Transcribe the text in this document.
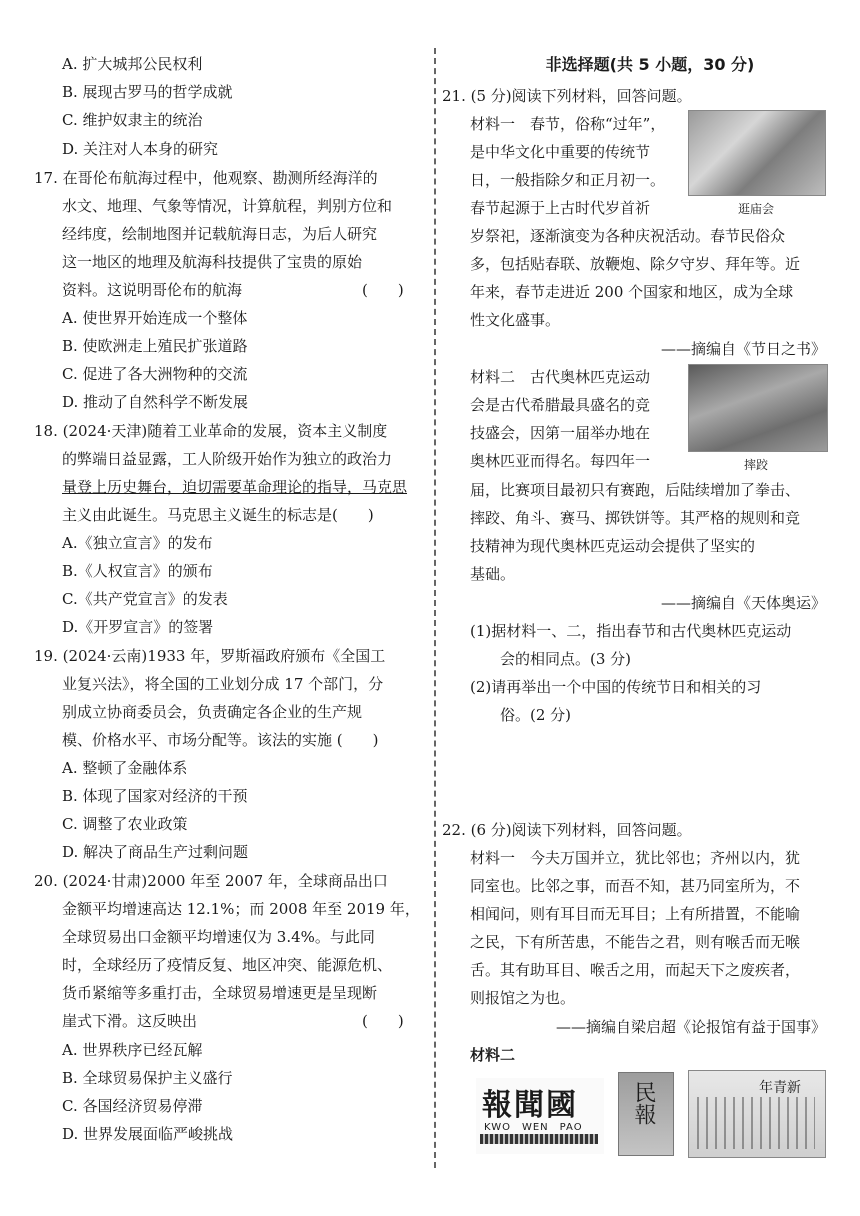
A. 扩大城邦公民权利
B. 展现古罗马的哲学成就
C. 维护奴隶主的统治
D. 关注对人本身的研究
17. 在哥伦布航海过程中，他观察、勘测所经海洋的
水文、地理、气象等情况，计算航程，判别方位和
经纬度，绘制地图并记载航海日志，为后人研究
这一地区的地理及航海科技提供了宝贵的原始
资料。这说明哥伦布的航海	(　　)
A. 使世界开始连成一个整体
B. 使欧洲走上殖民扩张道路
C. 促进了各大洲物种的交流
D. 推动了自然科学不断发展
18. (2024·天津)随着工业革命的发展，资本主义制度
的弊端日益显露，工人阶级开始作为独立的政治力
量登上历史舞台，迫切需要革命理论的指导，马克思
主义由此诞生。马克思主义诞生的标志是(　　)
A.《独立宣言》的发布
B.《人权宣言》的颁布
C.《共产党宣言》的发表
D.《开罗宣言》的签署
19. (2024·云南)1933 年，罗斯福政府颁布《全国工
业复兴法》，将全国的工业划分成 17 个部门，分
别成立协商委员会，负责确定各企业的生产规
模、价格水平、市场分配等。该法的实施 (　　)
A. 整顿了金融体系
B. 体现了国家对经济的干预
C. 调整了农业政策
D. 解决了商品生产过剩问题
20. (2024·甘肃)2000 年至 2007 年，全球商品出口
金额平均增速高达 12.1%；而 2008 年至 2019 年，
全球贸易出口金额平均增速仅为 3.4%。与此同
时，全球经历了疫情反复、地区冲突、能源危机、
货币紧缩等多重打击，全球贸易增速更是呈现断
崖式下滑。这反映出	(　　)
A. 世界秩序已经瓦解
B. 全球贸易保护主义盛行
C. 各国经济贸易停滞
D. 世界发展面临严峻挑战
非选择题(共 5 小题，30 分)
21. (5 分)阅读下列材料，回答问题。
材料一　春节，俗称“过年”，
是中华文化中重要的传统节
日，一般指除夕和正月初一。
春节起源于上古时代岁首祈	逛庙会
岁祭祀，逐渐演变为各种庆祝活动。春节民俗众
多，包括贴春联、放鞭炮、除夕守岁、拜年等。近
年来，春节走进近 200 个国家和地区，成为全球
性文化盛事。
——摘编自《节日之书》
材料二　古代奥林匹克运动
会是古代希腊最具盛名的竞
技盛会，因第一届举办地在
奥林匹亚而得名。每四年一	摔跤
届，比赛项目最初只有赛跑，后陆续增加了拳击、
摔跤、角斗、赛马、掷铁饼等。其严格的规则和竞
技精神为现代奥林匹克运动会提供了坚实的
基础。
——摘编自《天体奥运》
(1)据材料一、二，指出春节和古代奥林匹克运动
　　会的相同点。(3 分)
(2)请再举出一个中国的传统节日和相关的习
　　俗。(2 分)
22. (6 分)阅读下列材料，回答问题。
材料一　今夫万国并立，犹比邻也；齐州以内，犹
同室也。比邻之事，而吾不知，甚乃同室所为，不
相闻问，则有耳目而无耳目；上有所措置，不能喻
之民，下有所苦患，不能告之君，则有喉舌而无喉
舌。其有助耳目、喉舌之用，而起天下之废疾者，
则报馆之为也。
——摘编自梁启超《论报馆有益于国事》
材料二
報聞國
KWO　WEN　PAO
民報	年青新
